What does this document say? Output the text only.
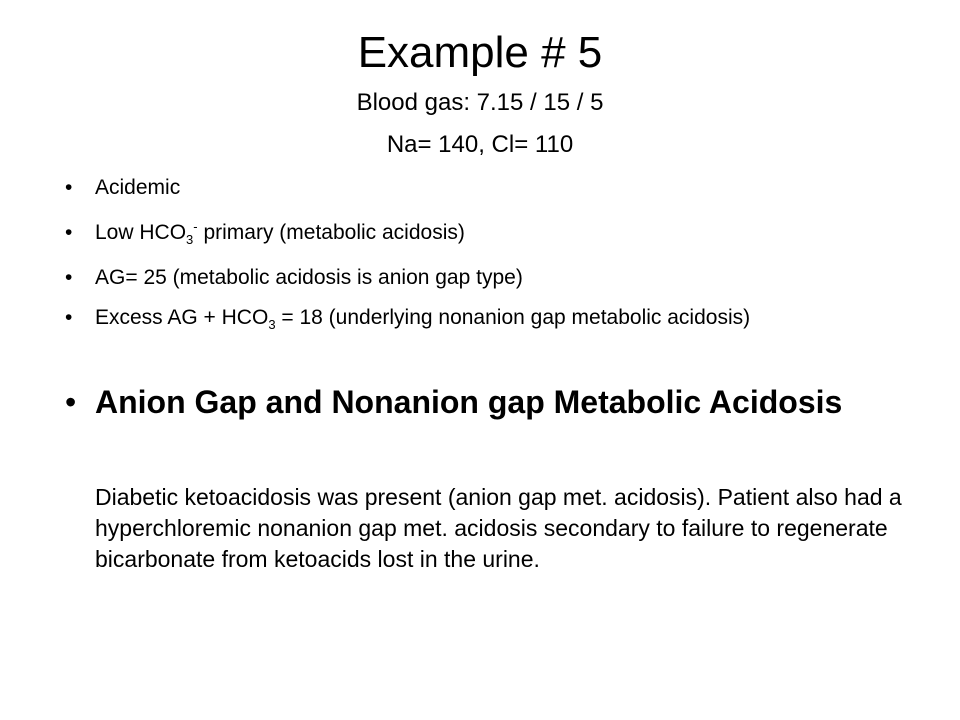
Example # 5
Blood gas: 7.15 / 15 / 5
Na= 140, Cl= 110
• Acidemic
• Low $HCO_3^-$ primary (metabolic acidosis)
• AG= 25 (metabolic acidosis is anion gap type)
• Excess AG + $HCO_3 = 18$ (underlying nonanion gap metabolic acidosis)
• Anion Gap and Nonanion gap Metabolic Acidosis
Diabetic ketoacidosis was present (anion gap met. acidosis). Patient also had a hyperchloremic nonanion gap met. acidosis secondary to failure to regenerate bicarbonate from ketoacids lost in the urine.
